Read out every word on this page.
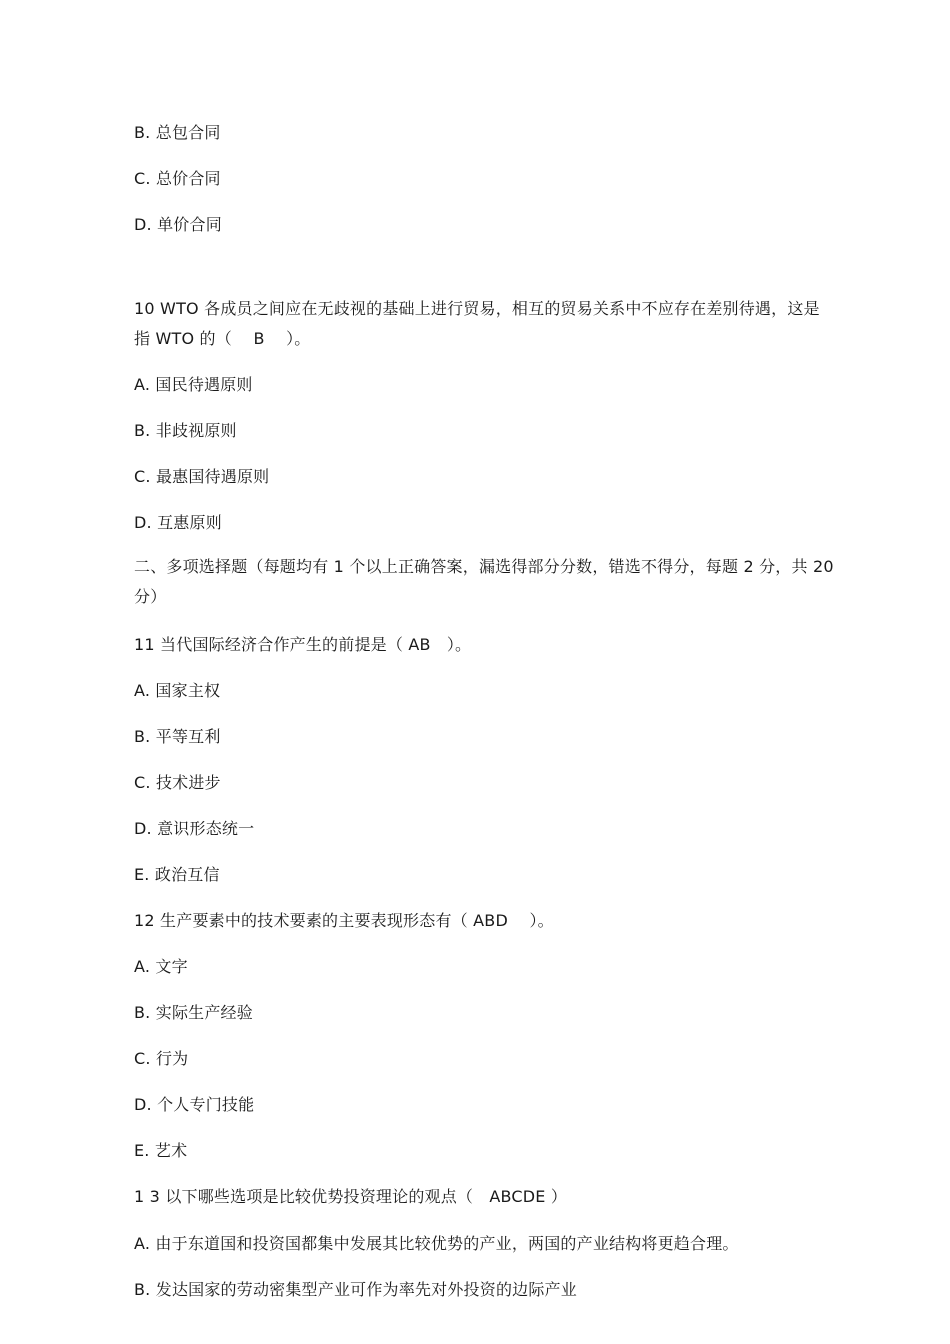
B. 总包合同
C. 总价合同
D. 单价合同
10 WTO 各成员之间应在无歧视的基础上进行贸易，相互的贸易关系中不应存在差别待遇，这是指 WTO 的（　 B　 ）。
A. 国民待遇原则
B. 非歧视原则
C. 最惠国待遇原则
D. 互惠原则
二、多项选择题（每题均有 1 个以上正确答案，漏选得部分分数，错选不得分，每题 2 分，共 20 分）
11 当代国际经济合作产生的前提是（ AB　）。
A. 国家主权
B. 平等互利
C. 技术进步
D. 意识形态统一
E. 政治互信
12 生产要素中的技术要素的主要表现形态有（ ABD　 ）。
A. 文字
B. 实际生产经验
C. 行为
D. 个人专门技能
E. 艺术
1 3 以下哪些选项是比较优势投资理论的观点（　ABCDE ）
A. 由于东道国和投资国都集中发展其比较优势的产业，两国的产业结构将更趋合理。
B. 发达国家的劳动密集型产业可作为率先对外投资的边际产业
